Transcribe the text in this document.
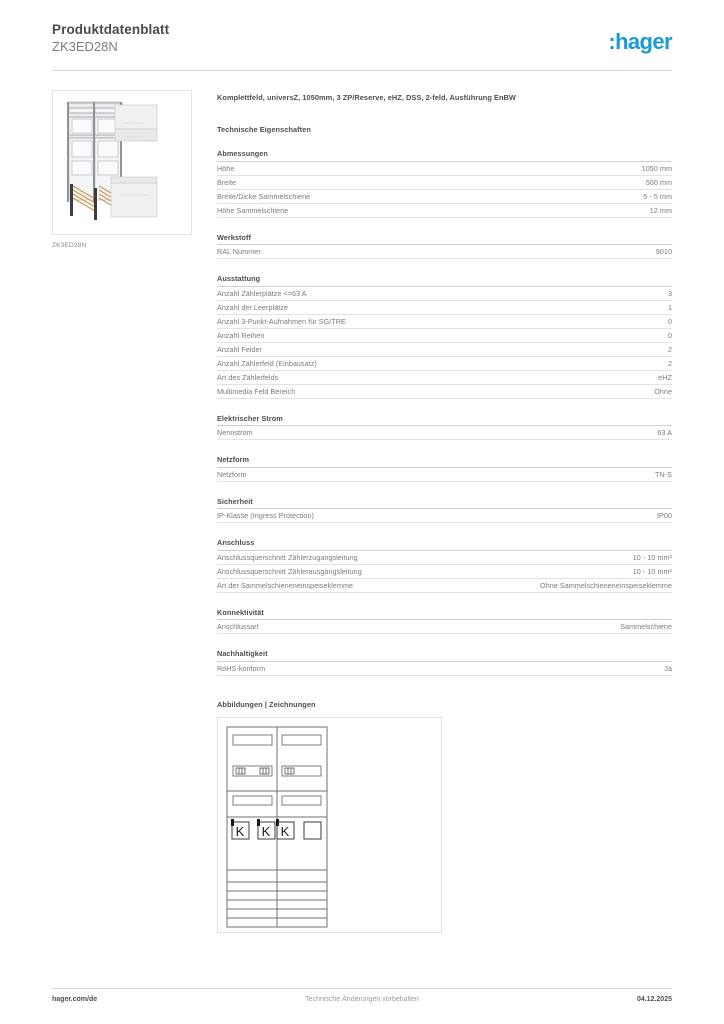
Produktdatenblatt
ZK3ED28N	:hager
ZK3ED28N
Komplettfeld, universZ, 1050mm, 3 ZP/Reserve, eHZ, DSS, 2-feld, Ausführung EnBW
Technische Eigenschaften
Abmessungen
Höhe	1050 mm
Breite	500 mm
Breite/Dicke Sammelschiene	5 - 5 mm
Höhe Sammelschiene	12 mm
Werkstoff
RAL Nummer	9010
Ausstattung
Anzahl Zählerplätze <=63 A	3
Anzahl der Leerplätze	1
Anzahl 3-Punkt-Aufnahmen für SG/TRE	0
Anzahl Reihen	0
Anzahl Felder	2
Anzahl Zählerfeld (Einbausatz)	2
Art des Zählerfelds	eHZ
Multimedia Feld Bereich	Ohne
Elektrischer Strom
Nennstrom	63 A
Netzform
Netzform	TN-S
Sicherheit
IP-Klasse (Ingress Protection)	IP00
Anschluss
Anschlussquerschnitt Zählerzugangsleitung	10 - 10 mm²
Anschlussquerschnitt Zählerausgangsleitung	10 - 10 mm²
Art der Sammelschieneneinspeiseklemme	Ohne Sammelschieneneinspeiseklemme
Konnektivität
Anschlussart	Sammelschiene
Nachhaltigkeit
RoHS-konform	Ja
Abbildungen | Zeichnungen
K K K
Technische Änderungen vorbehalten
hager.com/de	04.12.2025
